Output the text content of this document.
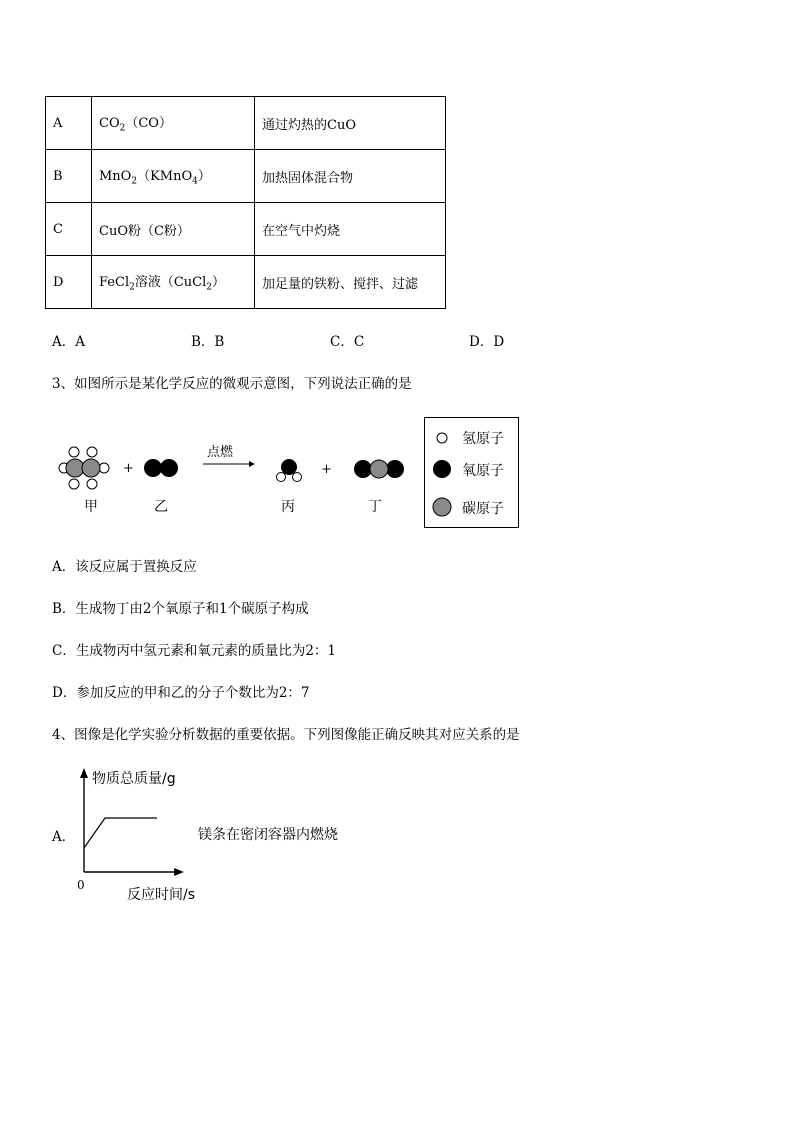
A	$CO_2(CO)$	通过灼热的CuO
B	MnO$_2$（KMnO$_4$）	加热固体混合物
C	CuO粉（C粉）	在空气中灼烧
D	FeCl$_2$溶液（CuCl$_2$）	加足量的铁粉、搅拌、过滤
A．A	B．B	C．C	D．D
3、如图所示是某化学反应的微观示意图，下列说法正确的是
+
点燃
+
甲	乙	丙	丁
氢原子
氧原子
碳原子
A．该反应属于置换反应
B．生成物丁由2个氧原子和1个碳原子构成
C．生成物丙中氢元素和氧元素的质量比为2：1
D．参加反应的甲和乙的分子个数比为2：7
4、图像是化学实验分析数据的重要依据。下列图像能正确反映其对应关系的是
A．
物质总质量/g
0
反应时间/s
镁条在密闭容器内燃烧
